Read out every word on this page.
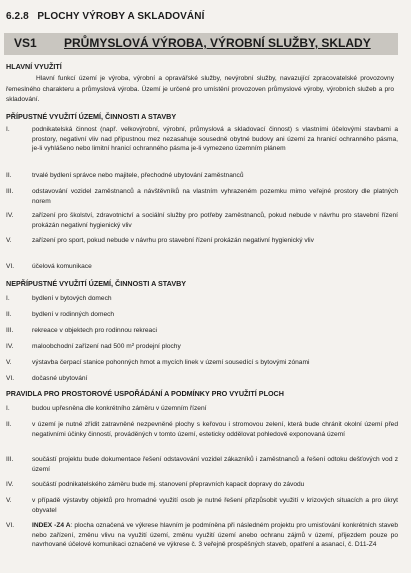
6.2.8 PLOCHY VÝROBY A SKLADOVÁNÍ
VS1 PRŮMYSLOVÁ VÝROBA, VÝROBNÍ SLUŽBY, SKLADY
HLAVNÍ VYUŽITÍ
Hlavní funkcí území je výroba, výrobní a opravářské služby, nevýrobní služby, navazující zpracovatelské provozovny řemeslného charakteru a průmyslová výroba. Území je určené pro umístění provozoven průmyslové výroby, výrobních služeb a pro skladování.
PŘÍPUSTNÉ VYUŽITÍ ÚZEMÍ, ČINNOSTI A STAVBY
I.	podnikatelská činnost (např. velkovýrobní, výrobní, průmyslová a skladovací činnost) s vlastními účelovými stavbami a prostory, negativní vliv nad přípustnou mez nezasahuje sousedně obytné budovy ani území za hranicí ochranného pásma, je-li vyhlášeno nebo limitní hranicí ochranného pásma je-li vymezeno územním plánem
II.	trvalé bydlení správce nebo majitele, přechodné ubytování zaměstnanců
III.	odstavování vozidel zaměstnanců a návštěvníků na vlastním vyhrazeném pozemku mimo veřejné prostory dle platných norem
IV.	zařízení pro školství, zdravotnictví a sociální služby pro potřeby zaměstnanců, pokud nebude v návrhu pro stavební řízení prokázán negativní hygienický vliv
V.	zařízení pro sport, pokud nebude v návrhu pro stavební řízení prokázán negativní hygienický vliv
VI.	účelová komunikace
NEPŘÍPUSTNÉ VYUŽITÍ ÚZEMÍ, ČINNOSTI A STAVBY
I.	bydlení v bytových domech
II.	bydlení v rodinných domech
III.	rekreace v objektech pro rodinnou rekreaci
IV.	maloobchodní zařízení nad 500 $m^2$ prodejní plochy
V.	výstavba čerpací stanice pohonných hmot a mycích linek v území sousedící s bytovými zónami
VI.	dočasné ubytování
PRAVIDLA PRO PROSTOROVÉ USPOŘÁDÁNÍ A PODMÍNKY PRO VYUŽITÍ PLOCH
I.	budou upřesněna dle konkrétního záměru v územním řízení
II.	v území je nutné zřídit zatravněné nezpevněné plochy s keřovou i stromovou zelení, která bude chránit okolní území před negativními účinky činností, prováděných v tomto území, esteticky oddělovat pohledově exponovaná území
III.	součástí projektu bude dokumentace řešení odstavování vozidel zákazníků i zaměstnanců a řešení odtoku dešťových vod z území
IV.	součástí podnikatelského záměru bude mj. stanovení přepravních kapacit dopravy do závodu
V.	v případě výstavby objektů pro hromadné využití osob je nutné řešení přizpůsobit využití v krizových situacích a pro úkryt obyvatel
VI.	INDEX -Z4 A: plocha označená ve výkrese hlavním je podmíněna při následném projektu pro umisťování konkrétních staveb nebo zařízení, změnu vlivu na využití území, změnu využití území anebo ochranu zájmů v území, přijezdem pouze po navrhované účelové komunikaci označené ve výkrese č. 3 veřejně prospěšných staveb, opatření a asanací, č. D11-Z4
